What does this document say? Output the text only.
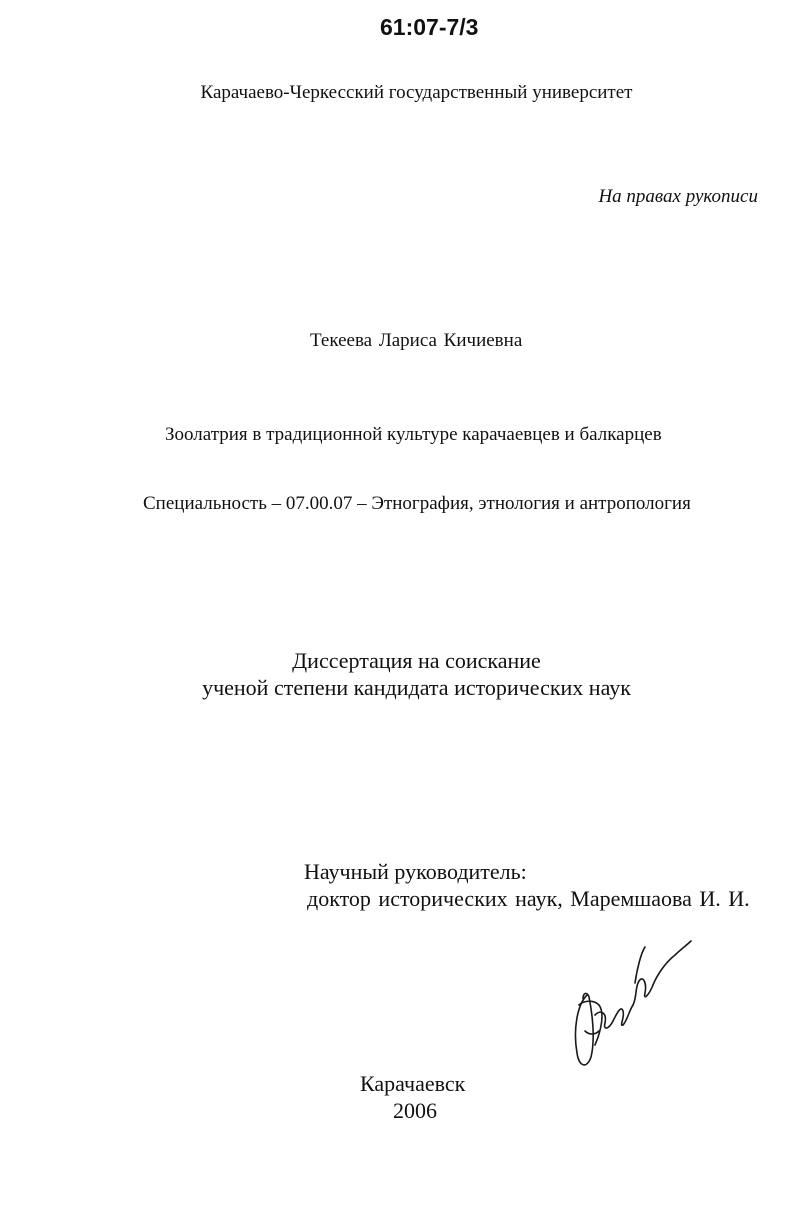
61:07-7/3
Карачаево-Черкесский государственный университет
На правах рукописи
Текеева Лариса Кичиевна
Зоолатрия в традиционной культуре карачаевцев и балкарцев
Специальность – 07.00.07 – Этнография, этнология и антропология
Диссертация на соискание
ученой степени кандидата исторических наук
Научный руководитель:
доктор исторических наук, Маремшаова И. И.
Карачаевск
2006
